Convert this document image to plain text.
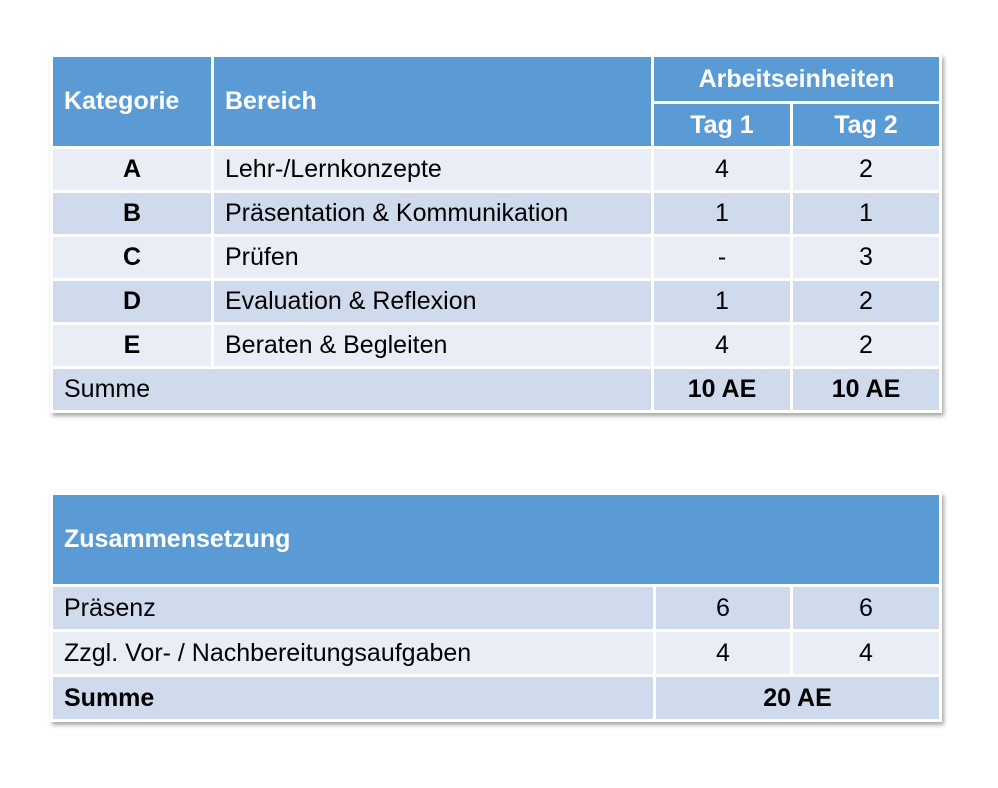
Kategorie	Bereich	Arbeitseinheiten	
		Tag 1	Tag 2
A	Lehr-/Lernkonzepte	4	2
B	Präsentation & Kommunikation	1	1
C	Prüfen	-	3
D	Evaluation & Reflexion	1	2
E	Beraten & Begleiten	4	2
Summe		10 AE	10 AE
Zusammensetzung		
Präsenz	6	6
Zzgl. Vor- / Nachbereitungsaufgaben	4	4
Summe	20 AE	
